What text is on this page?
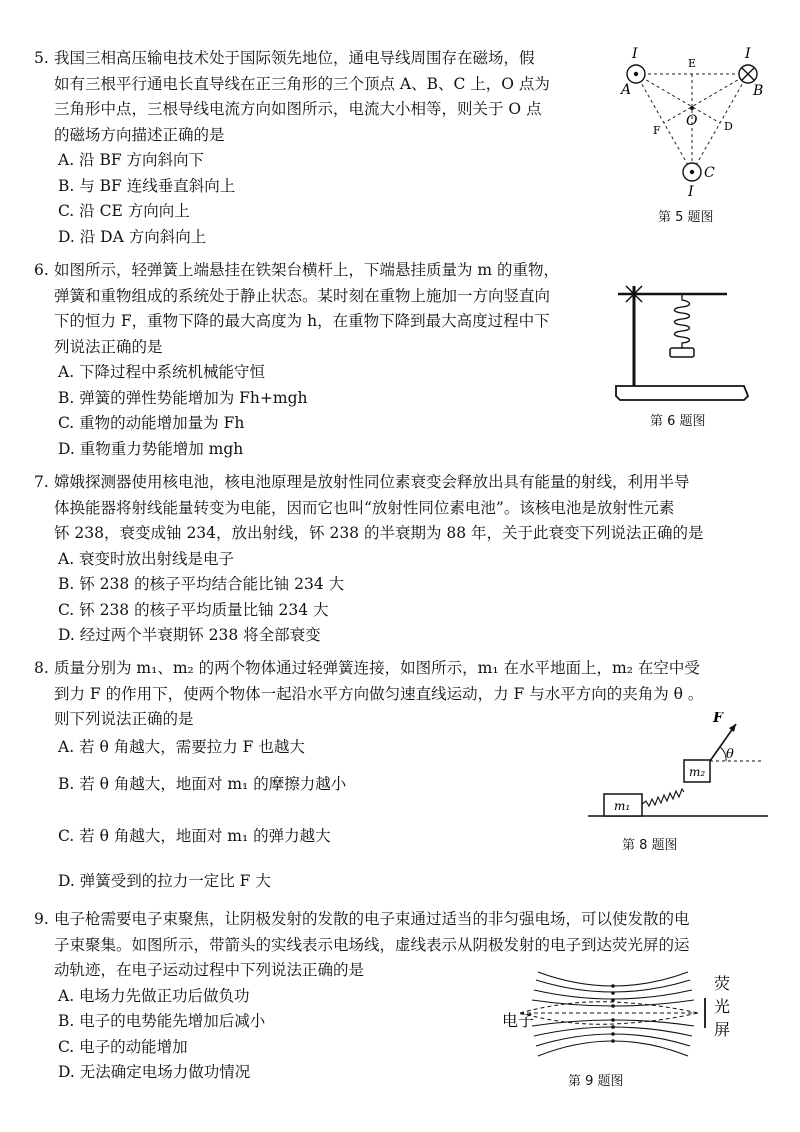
5. 我国三相高压输电技术处于国际领先地位，通电导线周围存在磁场，假
如有三根平行通电长直导线在正三角形的三个顶点 A、B、C 上，O 点为
三角形中点，三根导线电流方向如图所示，电流大小相等，则关于 O 点
的磁场方向描述正确的是

A. 沿 BF 方向斜向下

B. 与 BF 连线垂直斜向上

C. 沿 CE 方向向上

D. 沿 DA 方向斜向上

I	I
I
A	B
C
E
O
F	D
第 5 题图

6. 如图所示，轻弹簧上端悬挂在铁架台横杆上，下端悬挂质量为 m 的重物，
弹簧和重物组成的系统处于静止状态。某时刻在重物上施加一方向竖直向
下的恒力 F，重物下降的最大高度为 h，在重物下降到最大高度过程中下
列说法正确的是

A. 下降过程中系统机械能守恒

B. 弹簧的弹性势能增加为 Fh+mgh

C. 重物的动能增加量为 Fh

D. 重物重力势能增加 mgh

第 6 题图

7. 嫦娥探测器使用核电池，核电池原理是放射性同位素衰变会释放出具有能量的射线，利用半导
体换能器将射线能量转变为电能，因而它也叫“放射性同位素电池”。该核电池是放射性元素
钚 238，衰变成铀 234，放出射线，钚 238 的半衰期为 88 年，关于此衰变下列说法正确的是

A. 衰变时放出射线是电子

B. 钚 238 的核子平均结合能比铀 234 大

C. 钚 238 的核子平均质量比铀 234 大

D. 经过两个半衰期钚 238 将全部衰变

8. 质量分别为 m₁、m₂ 的两个物体通过轻弹簧连接，如图所示，m₁ 在水平地面上，m₂ 在空中受
到力 F 的作用下，使两个物体一起沿水平方向做匀速直线运动，力 F 与水平方向的夹角为 θ 。
则下列说法正确的是

A. 若 θ 角越大，需要拉力 F 也越大

B. 若 θ 角越大，地面对 m₁ 的摩擦力越小

C. 若 θ 角越大，地面对 m₁ 的弹力越大

D. 弹簧受到的拉力一定比 F 大

m₁
m₂
F
θ
第 8 题图

9. 电子枪需要电子束聚焦，让阴极发射的发散的电子束通过适当的非匀强电场，可以使发散的电
子束聚集。如图所示，带箭头的实线表示电场线，虚线表示从阴极发射的电子到达荧光屏的运
动轨迹，在电子运动过程中下列说法正确的是

A. 电场力先做正功后做负功

B. 电子的电势能先增加后减小

C. 电子的动能增加

D. 无法确定电场力做功情况

电子
荧
光
屏
第 9 题图
